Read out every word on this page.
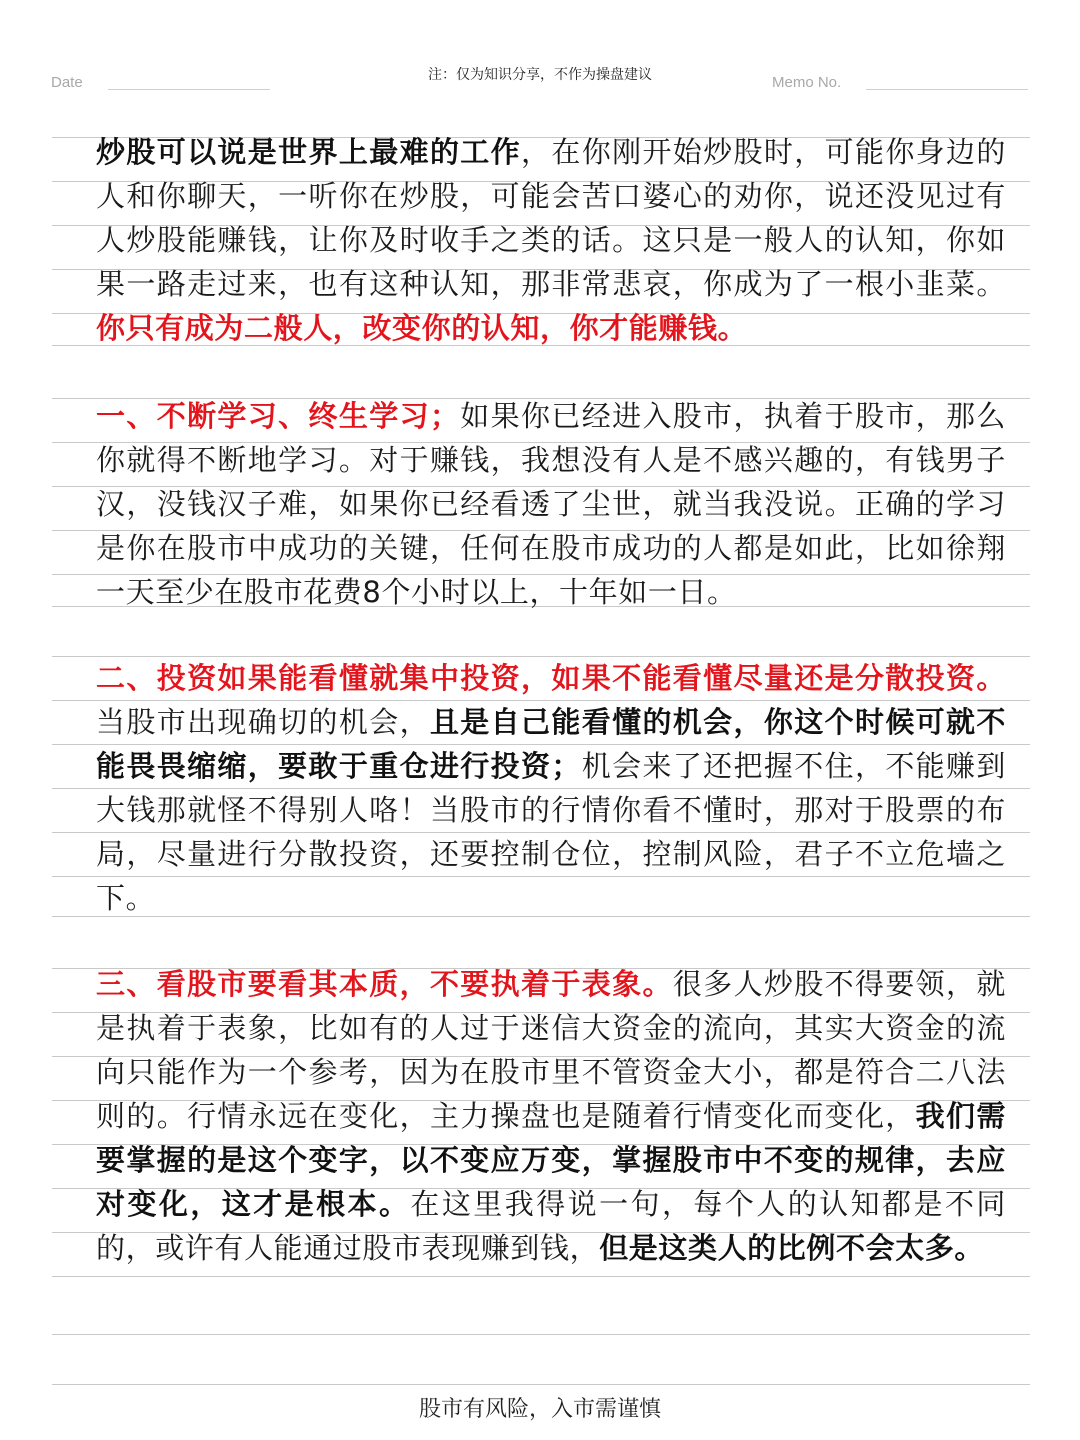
Date	注：仅为知识分享，不作为操盘建议	Memo No.
炒股可以说是世界上最难的工作，在你刚开始炒股时，可能你身边的人和你聊天，一听你在炒股，可能会苦口婆心的劝你，说还没见过有人炒股能赚钱，让你及时收手之类的话。这只是一般人的认知，你如果一路走过来，也有这种认知，那非常悲哀，你成为了一根小韭菜。你只有成为二般人，改变你的认知，你才能赚钱。
一、不断学习、终生学习；如果你已经进入股市，执着于股市，那么你就得不断地学习。对于赚钱，我想没有人是不感兴趣的，有钱男子汉，没钱汉子难，如果你已经看透了尘世，就当我没说。正确的学习是你在股市中成功的关键，任何在股市成功的人都是如此，比如徐翔一天至少在股市花费8个小时以上，十年如一日。
二、投资如果能看懂就集中投资，如果不能看懂尽量还是分散投资。当股市出现确切的机会，且是自己能看懂的机会，你这个时候可就不能畏畏缩缩，要敢于重仓进行投资；机会来了还把握不住，不能赚到大钱那就怪不得别人咯！当股市的行情你看不懂时，那对于股票的布局，尽量进行分散投资，还要控制仓位，控制风险，君子不立危墙之下。
三、看股市要看其本质，不要执着于表象。很多人炒股不得要领，就是执着于表象，比如有的人过于迷信大资金的流向，其实大资金的流向只能作为一个参考，因为在股市里不管资金大小，都是符合二八法则的。行情永远在变化，主力操盘也是随着行情变化而变化，我们需要掌握的是这个变字，以不变应万变，掌握股市中不变的规律，去应对变化，这才是根本。在这里我得说一句，每个人的认知都是不同的，或许有人能通过股市表现赚到钱，但是这类人的比例不会太多。
股市有风险，入市需谨慎
